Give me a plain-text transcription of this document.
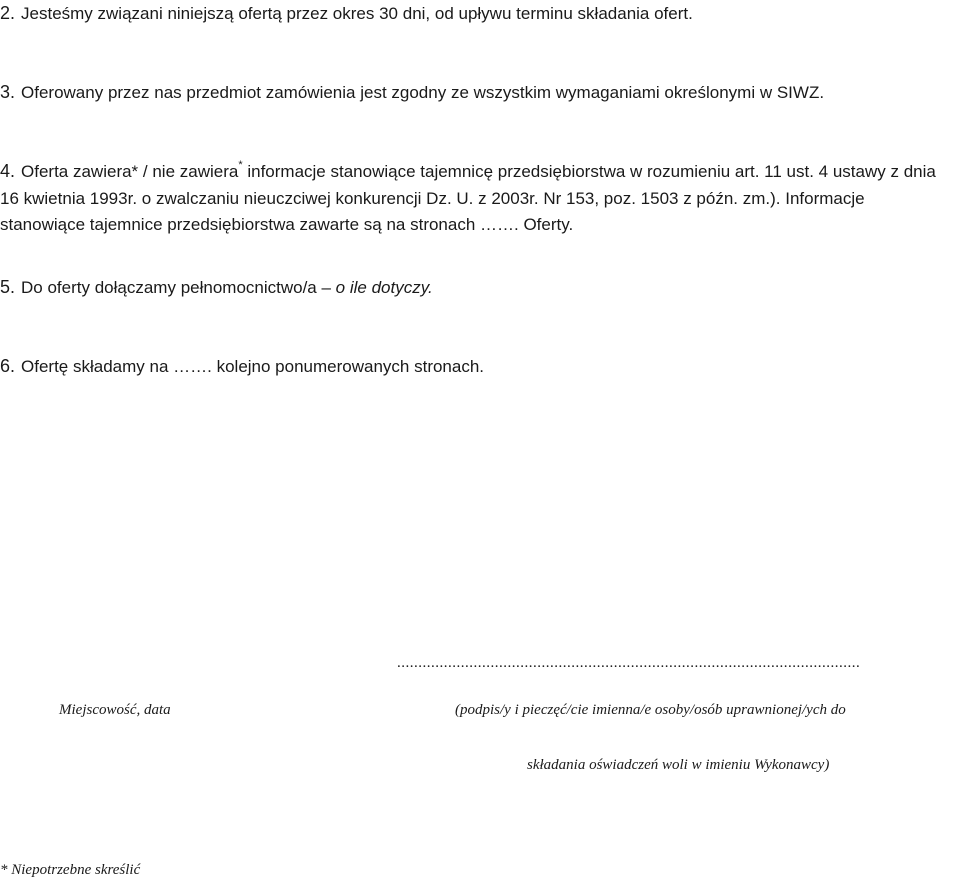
2. Jesteśmy związani niniejszą ofertą przez okres 30 dni, od upływu terminu składania ofert.
3. Oferowany przez nas przedmiot zamówienia jest zgodny ze wszystkim wymaganiami określonymi w SIWZ.
4. Oferta zawiera* / nie zawiera* informacje stanowiące tajemnicę przedsiębiorstwa w rozumieniu art. 11 ust. 4 ustawy z dnia 16 kwietnia 1993r. o zwalczaniu nieuczciwej konkurencji Dz. U. z 2003r. Nr 153, poz. 1503 z późn. zm.). Informacje stanowiące tajemnice przedsiębiorstwa zawarte są na stronach ……. Oferty.
5. Do oferty dołączamy pełnomocnictwo/a – o ile dotyczy.
6. Ofertę składamy na ……. kolejno ponumerowanych stronach.
.............................................................................................................
Miejscowość, data	(podpis/y i pieczęć/cie imienna/e osoby/osób uprawnionej/ych do
składania oświadczeń woli w imieniu Wykonawcy)
* Niepotrzebne skreślić
